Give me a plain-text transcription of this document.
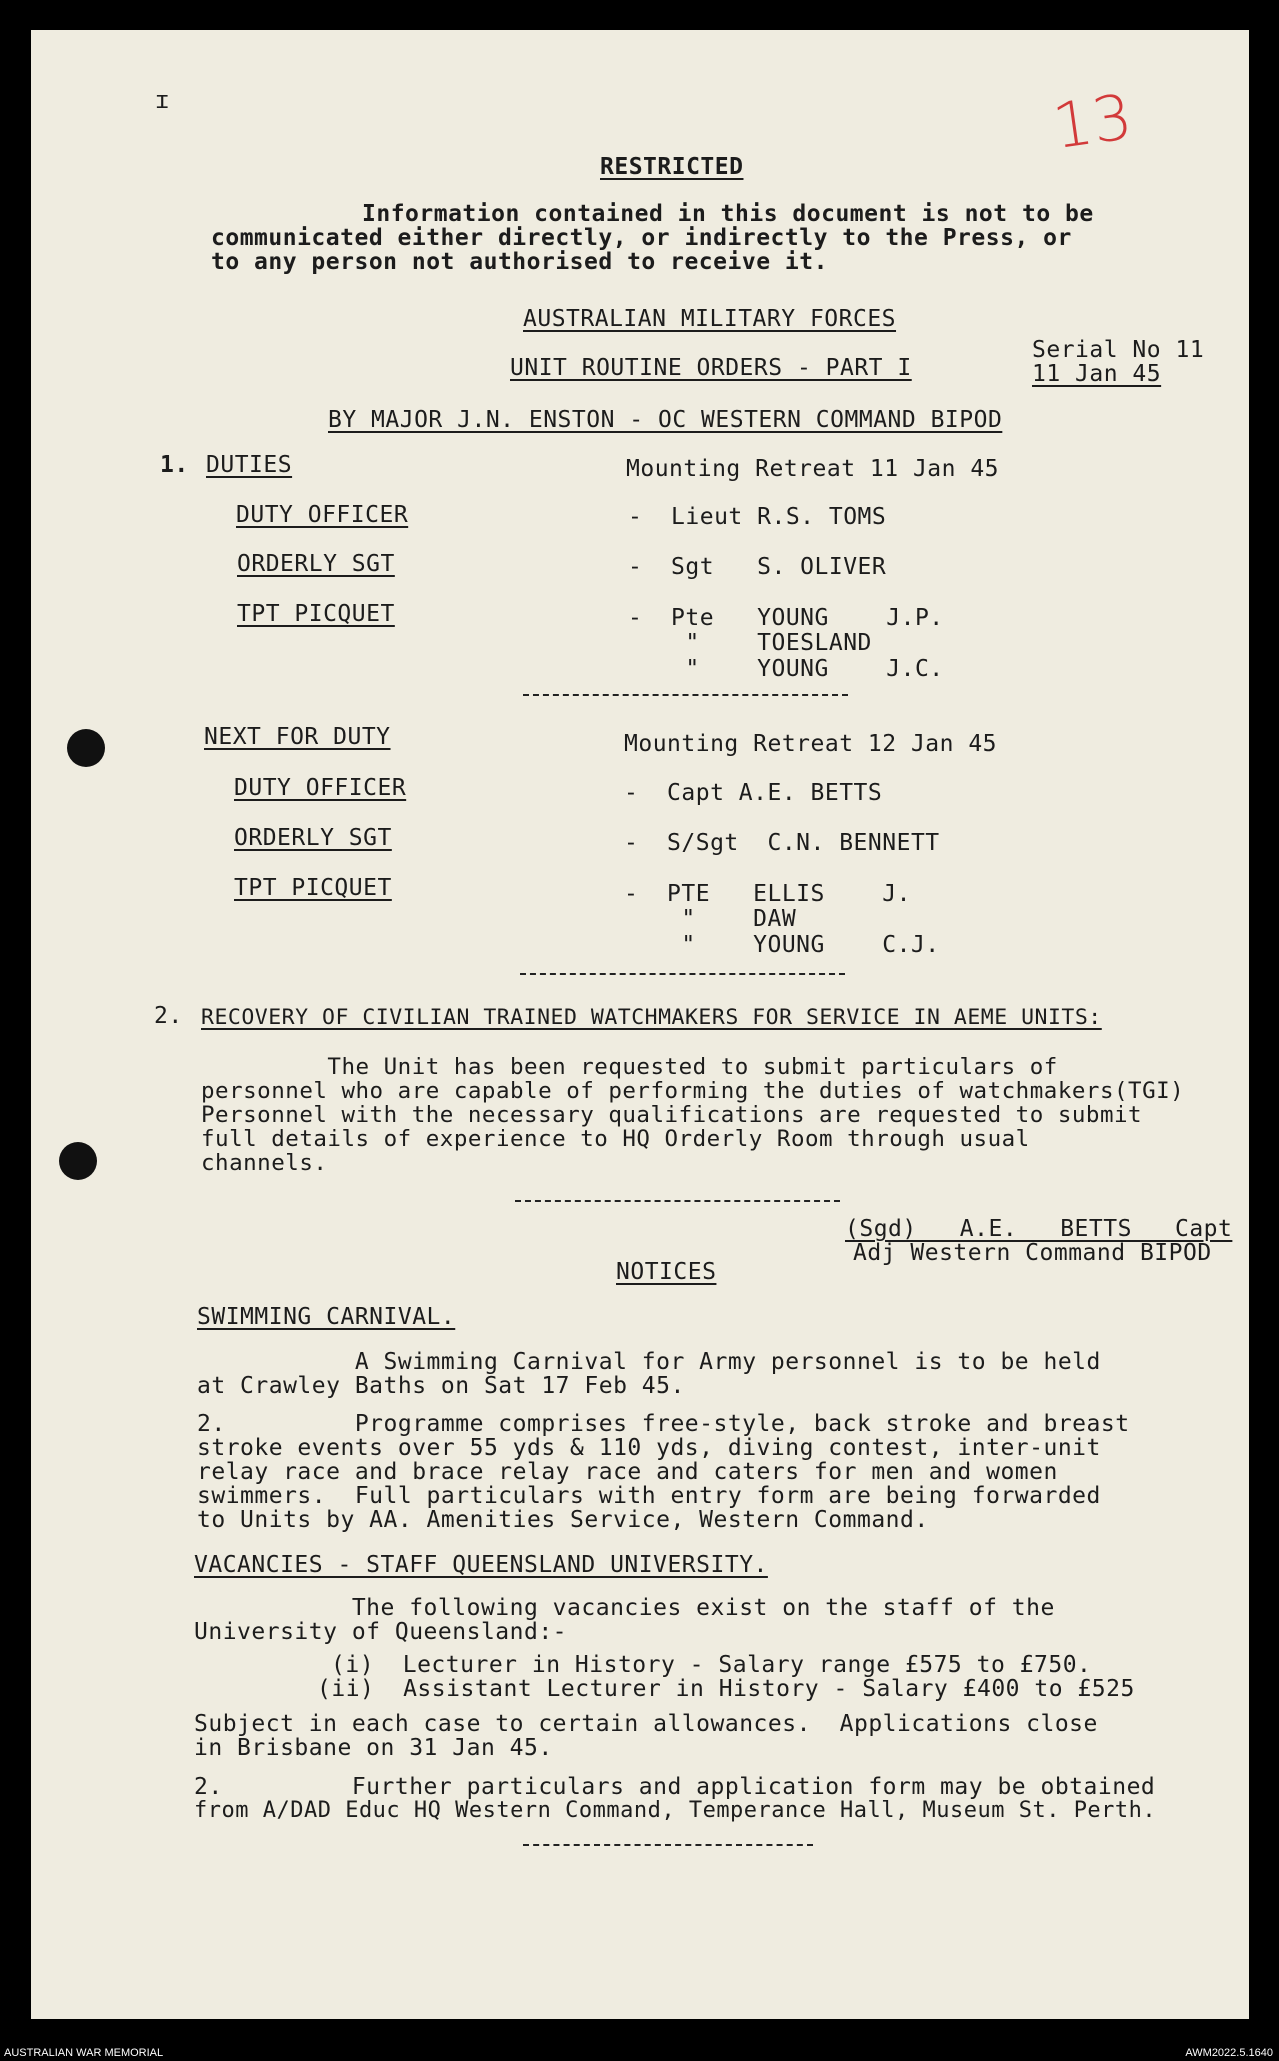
ɪ	13
RESTRICTED
Information contained in this document is not to be
communicated either directly, or indirectly to the Press, or
to any person not authorised to receive it.
AUSTRALIAN MILITARY FORCES
UNIT ROUTINE ORDERS - PART I
Serial No 11
11 Jan 45
BY MAJOR J.N. ENSTON - OC WESTERN COMMAND BIPOD
1. DUTIES	Mounting Retreat 11 Jan 45
DUTY OFFICER	-  Lieut R.S. TOMS
ORDERLY SGT	-  Sgt   S. OLIVER
TPT PICQUET	-  Pte   YOUNG    J.P.
"    TOESLAND
"    YOUNG    J.C.
NEXT FOR DUTY	Mounting Retreat 12 Jan 45
DUTY OFFICER	-  Capt A.E. BETTS
ORDERLY SGT	-  S/Sgt  C.N. BENNETT
TPT PICQUET	-  PTE   ELLIS    J.
"    DAW
"    YOUNG    C.J.
2. RECOVERY OF CIVILIAN TRAINED WATCHMAKERS FOR SERVICE IN AEME UNITS:
The Unit has been requested to submit particulars of
personnel who are capable of performing the duties of watchmakers(TGI)
Personnel with the necessary qualifications are requested to submit
full details of experience to HQ Orderly Room through usual
channels.
(Sgd)   A.E.   BETTS   Capt
Adj Western Command BIPOD
NOTICES
SWIMMING CARNIVAL.
A Swimming Carnival for Army personnel is to be held
at Crawley Baths on Sat 17 Feb 45.
2.         Programme comprises free-style, back stroke and breast
stroke events over 55 yds & 110 yds, diving contest, inter-unit
relay race and brace relay race and caters for men and women
swimmers.  Full particulars with entry form are being forwarded
to Units by AA. Amenities Service, Western Command.
VACANCIES - STAFF QUEENSLAND UNIVERSITY.
The following vacancies exist on the staff of the
University of Queensland:-
(i)  Lecturer in History - Salary range £575 to £750.
(ii)  Assistant Lecturer in History - Salary £400 to £525
Subject in each case to certain allowances.  Applications close
in Brisbane on 31 Jan 45.
2.         Further particulars and application form may be obtained
from A/DAD Educ HQ Western Command, Temperance Hall, Museum St. Perth.
AUSTRALIAN WAR MEMORIAL	AWM2022.5.1640
